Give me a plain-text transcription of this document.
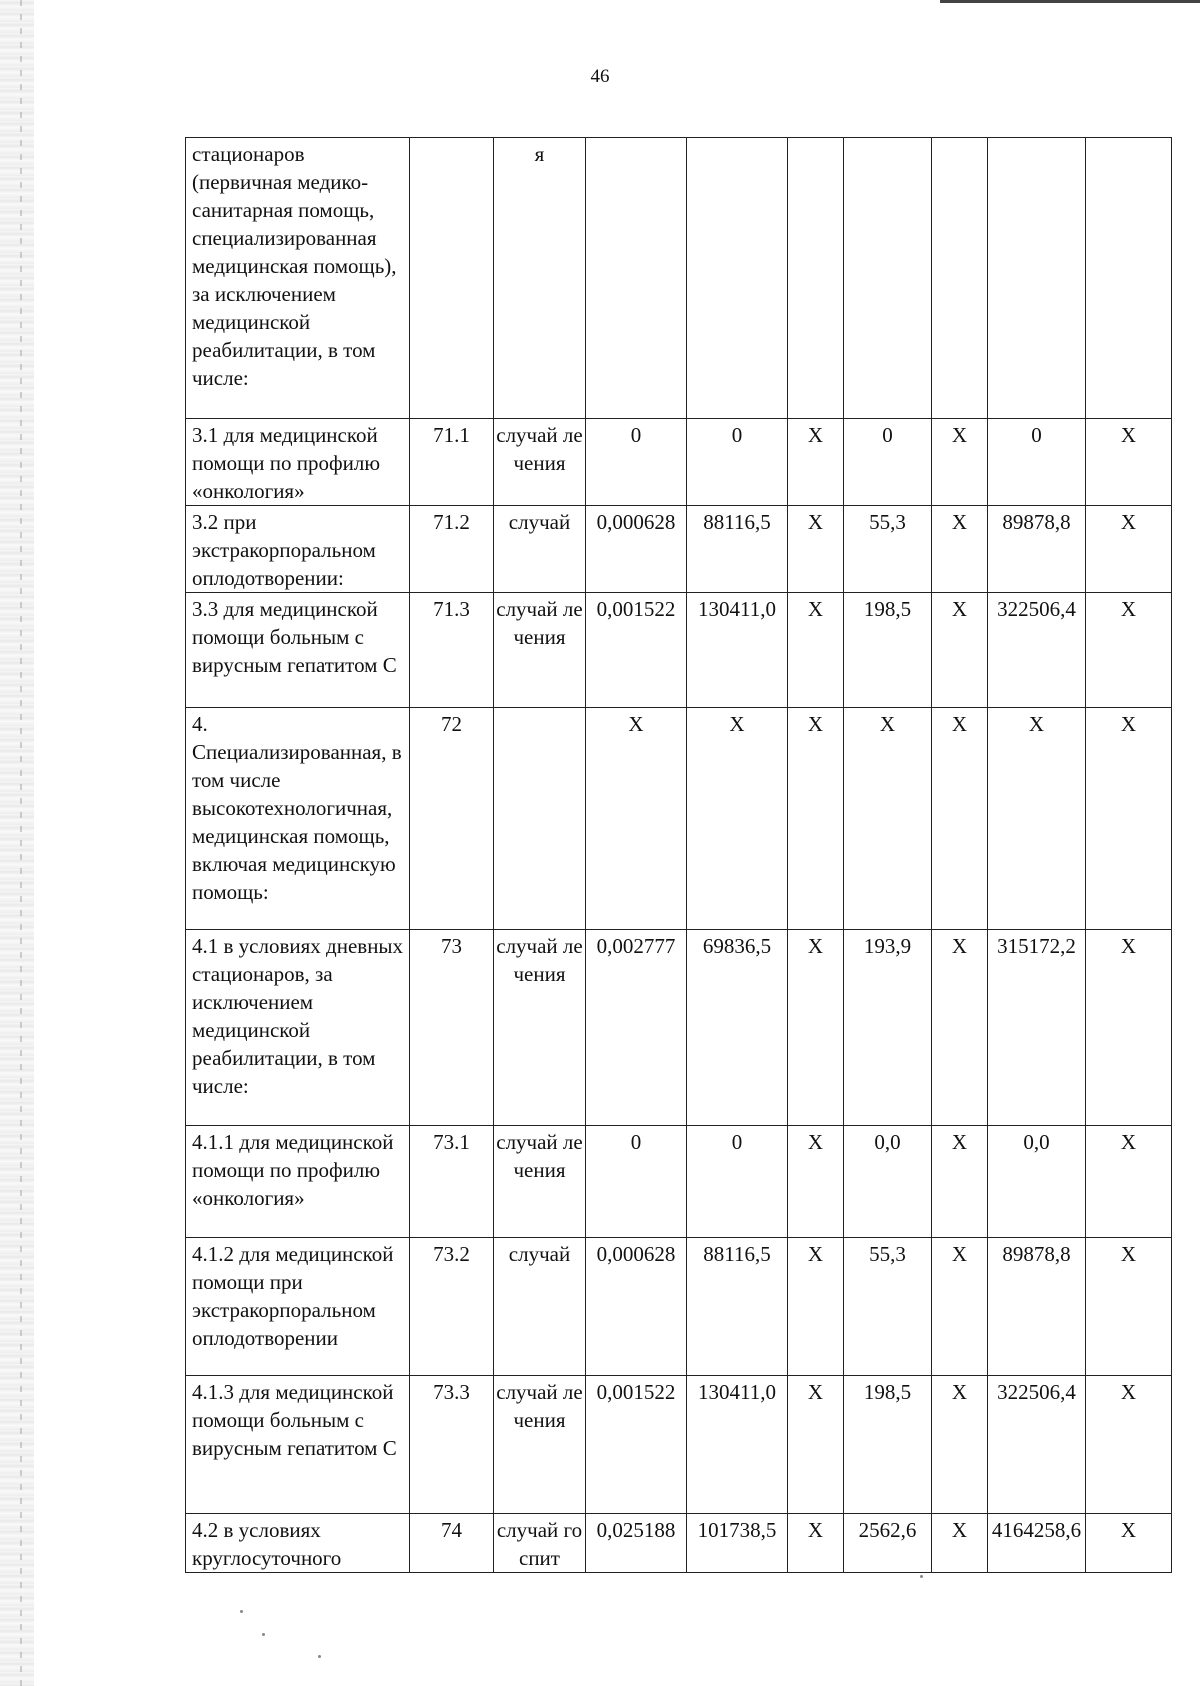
46
стационаров (первичная медико-санитарная помощь, специализированная медицинская помощь), за исключением медицинской реабилитации, в том числе:		я							
3.1 для медицинской помощи по профилю «онкология»	71.1	случай лечения	0	0	X	0	X	0	X
3.2 при экстракорпоральном оплодотворении:	71.2	случай	0,000628	88116,5	X	55,3	X	89878,8	X
3.3 для медицинской помощи больным с вирусным гепатитом С	71.3	случай лечения	0,001522	130411,0	X	198,5	X	322506,4	X
4. Специализированная, в том числе высокотехнологичная, медицинская помощь, включая медицинскую помощь:	72		X	X	X	X	X	X	X
4.1 в условиях дневных стационаров, за исключением медицинской реабилитации, в том числе:	73	случай лечения	0,002777	69836,5	X	193,9	X	315172,2	X
4.1.1 для медицинской помощи по профилю «онкология»	73.1	случай лечения	0	0	X	0,0	X	0,0	X
4.1.2 для медицинской помощи при экстракорпоральном оплодотворении	73.2	случай	0,000628	88116,5	X	55,3	X	89878,8	X
4.1.3 для медицинской помощи больным с вирусным гепатитом С	73.3	случай лечения	0,001522	130411,0	X	198,5	X	322506,4	X
4.2 в условиях круглосуточного	74	случай госпит	0,025188	101738,5	X	2562,6	X	4164258,6	X
